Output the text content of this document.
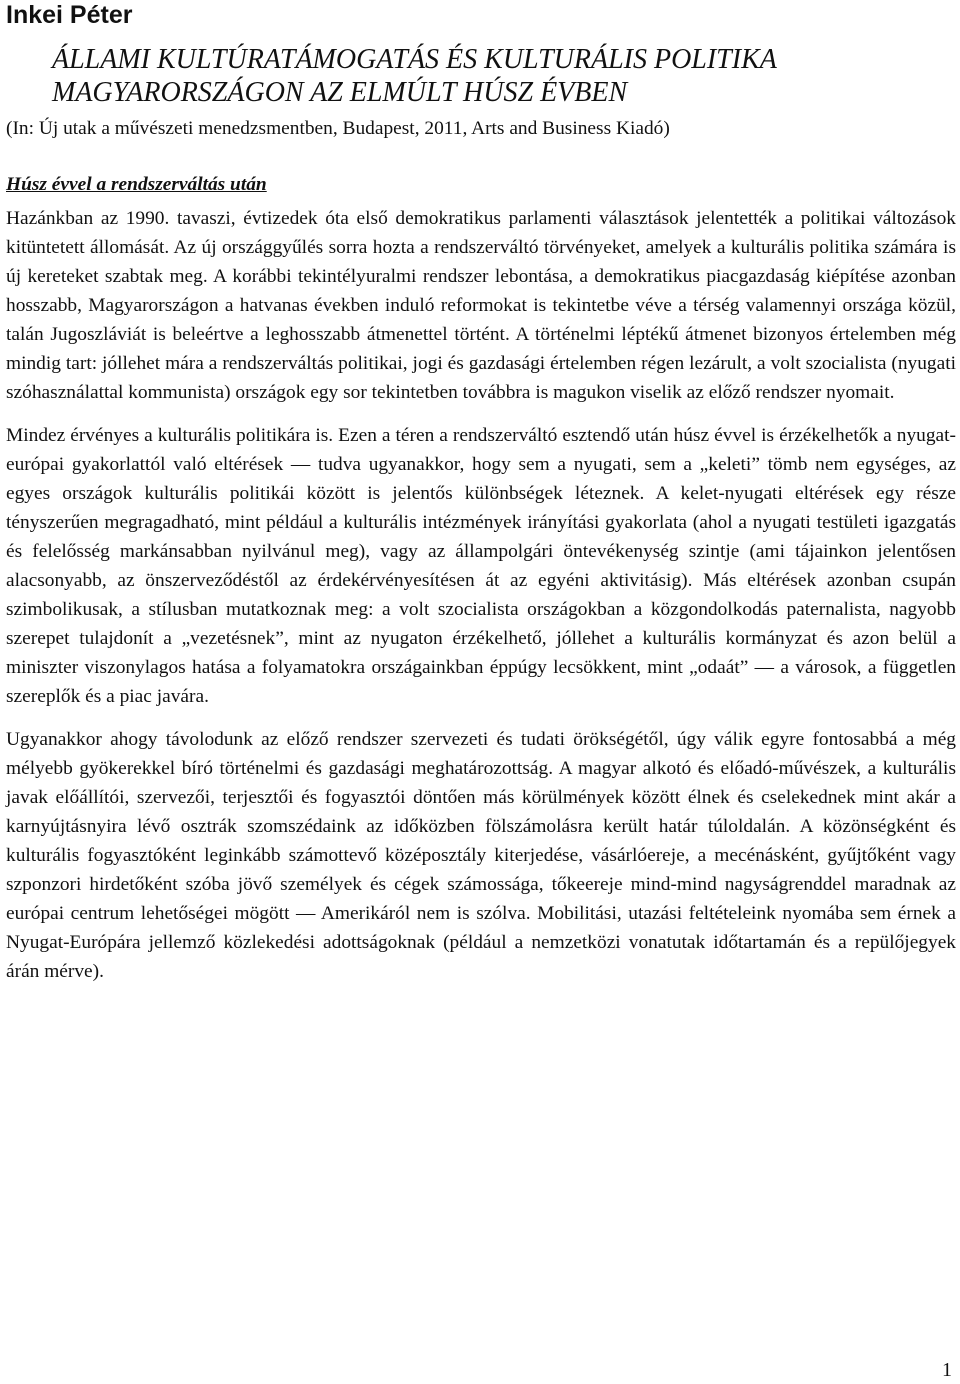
Inkei Péter
ÁLLAMI KULTÚRATÁMOGATÁS ÉS KULTURÁLIS POLITIKA
MAGYARORSZÁGON AZ ELMÚLT HÚSZ ÉVBEN

(In: Új utak a művészeti menedzsmentben, Budapest, 2011, Arts and Business Kiadó)

Húsz évvel a rendszerváltás után

Hazánkban az 1990. tavaszi, évtizedek óta első demokratikus parlamenti választások jelentették a politikai változások kitüntetett állomását. Az új országgyűlés sorra hozta a rendszerváltó törvényeket, amelyek a kulturális politika számára is új kereteket szabtak meg. A korábbi tekintélyuralmi rendszer lebontása, a demokratikus piacgazdaság kiépítése azonban hosszabb, Magyarországon a hatvanas években induló reformokat is tekintetbe véve a térség valamennyi országa közül, talán Jugoszláviát is beleértve a leghosszabb átmenettel történt. A történelmi léptékű átmenet bizonyos értelemben még mindig tart: jóllehet mára a rendszerváltás politikai, jogi és gazdasági értelemben régen lezárult, a volt szocialista (nyugati szóhasználattal kommunista) országok egy sor tekintetben továbbra is magukon viselik az előző rendszer nyomait.

Mindez érvényes a kulturális politikára is. Ezen a téren a rendszerváltó esztendő után húsz évvel is érzékelhetők a nyugat-európai gyakorlattól való eltérések — tudva ugyanakkor, hogy sem a nyugati, sem a „keleti” tömb nem egységes, az egyes országok kulturális politikái között is jelentős különbségek léteznek. A kelet-nyugati eltérések egy része tényszerűen megragadható, mint például a kulturális intézmények irányítási gyakorlata (ahol a nyugati testületi igazgatás és felelősség markánsabban nyilvánul meg), vagy az állampolgári öntevékenység szintje (ami tájainkon jelentősen alacsonyabb, az önszerveződéstől az érdekérvényesítésen át az egyéni aktivitásig). Más eltérések azonban csupán szimbolikusak, a stílusban mutatkoznak meg: a volt szocialista országokban a közgondolkodás paternalista, nagyobb szerepet tulajdonít a „vezetésnek”, mint az nyugaton érzékelhető, jóllehet a kulturális kormányzat és azon belül a miniszter viszonylagos hatása a folyamatokra országainkban éppúgy lecsökkent, mint „odaát” — a városok, a független szereplők és a piac javára.

Ugyanakkor ahogy távolodunk az előző rendszer szervezeti és tudati örökségétől, úgy válik egyre fontosabbá a még mélyebb gyökerekkel bíró történelmi és gazdasági meghatározottság. A magyar alkotó és előadó-művészek, a kulturális javak előállítói, szervezői, terjesztői és fogyasztói döntően más körülmények között élnek és cselekednek mint akár a karnyújtásnyira lévő osztrák szomszédaink az időközben fölszámolásra került határ túloldalán. A közönségként és kulturális fogyasztóként leginkább számottevő középosztály kiterjedése, vásárlóereje, a mecénásként, gyűjtőként vagy szponzori hirdetőként szóba jövő személyek és cégek számossága, tőkeereje mind-mind nagyságrenddel maradnak az európai centrum lehetőségei mögött — Amerikáról nem is szólva. Mobilitási, utazási feltételeink nyomába sem érnek a Nyugat-Európára jellemző közlekedési adottságoknak (például a nemzetközi vonatutak időtartamán és a repülőjegyek árán mérve).

1
